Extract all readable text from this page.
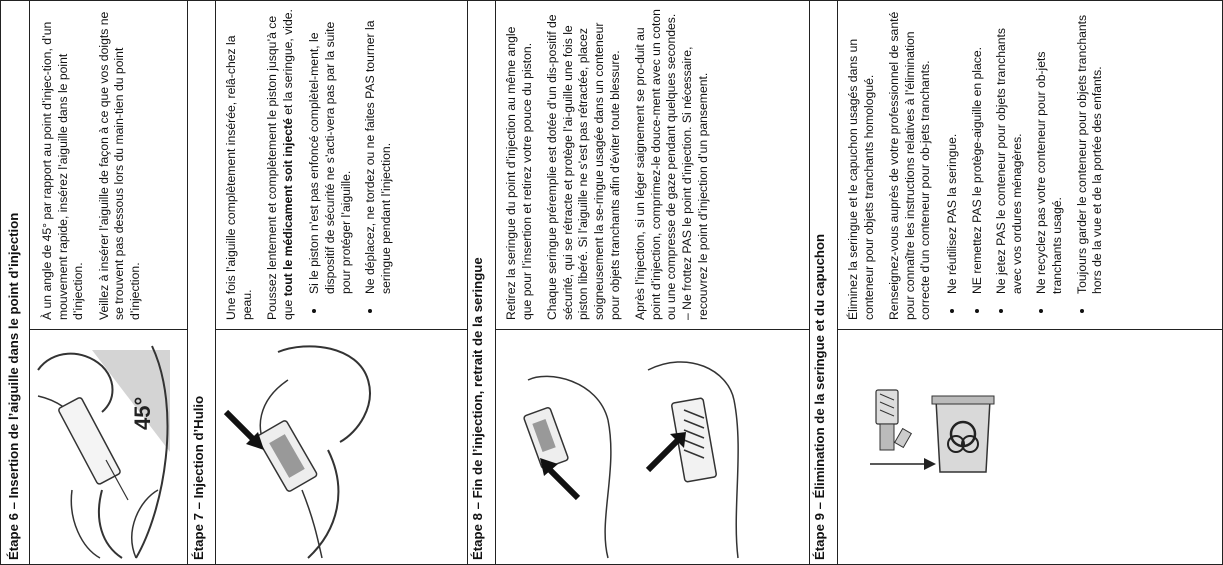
Étape 6 – Insertion de l’aiguille dans le point d’injection	45°

À un angle de 45° par rapport au point d’injec-tion, d’un mouvement rapide, insérez l’aiguille dans le point d’injection. Veillez à insérer l’aiguille de façon à ce que vos doigts ne se trouvent pas dessous lors du main-tien du point d’injection.

Étape 7 – Injection d’Hulio

Une fois l’aiguille complètement insérée, relâ-chez la peau. Poussez lentement et complètement le piston jusqu’à ce que tout le médicament soit injecté et la seringue, vide. • Si le piston n’est pas enfoncé complètel-ment, le dispositif de sécurité ne s’acti-vera pas par la suite pour protéger l’aiguille. • Ne déplacez, ne tordez ou ne faites PAS tourner la seringue pendant l’injection.
Étape 8 – Fin de l’injection, retrait de la seringue

Retirez la seringue du point d’injection au même angle que pour l’insertion et retirez votre pouce du piston. Chaque seringue préremplie est dotée d’un dis-positif de sécurité, qui se rétracte et protège l’ai-guille une fois le piston libéré. Si l’aiguille ne s’est pas rétractée, placez soigneusement la se-ringue usagée dans un conteneur pour objets tranchants afin d’éviter toute blessure. Après l’injection, si un léger saignement se pro-duit au point d’injection, comprimez-le douce-ment avec un coton ou une compresse de gaze pendant quelques secondes. – Ne frottez PAS le point d’injection. Si nécessaire, recouvrez le point d’injection d’un pansement.

Étape 9 – Élimination de la seringue et du capuchon

Éliminez la seringue et le capuchon usagés dans un conteneur pour objets tranchants homologué. Renseignez-vous auprès de votre professionnel de santé pour connaître les instructions relatives à l’élimination correcte d’un conteneur pour ob-jets tranchants. • Ne réutilisez PAS la seringue. • NE remettez PAS le protège-aiguille en place. • Ne jetez PAS le conteneur pour objets tranchants avec vos ordures ménagères. • Ne recyclez pas votre conteneur pour ob-jets tranchants usagé. • Toujours garder le conteneur pour objets tranchants hors de la vue et de la portée des enfants.
